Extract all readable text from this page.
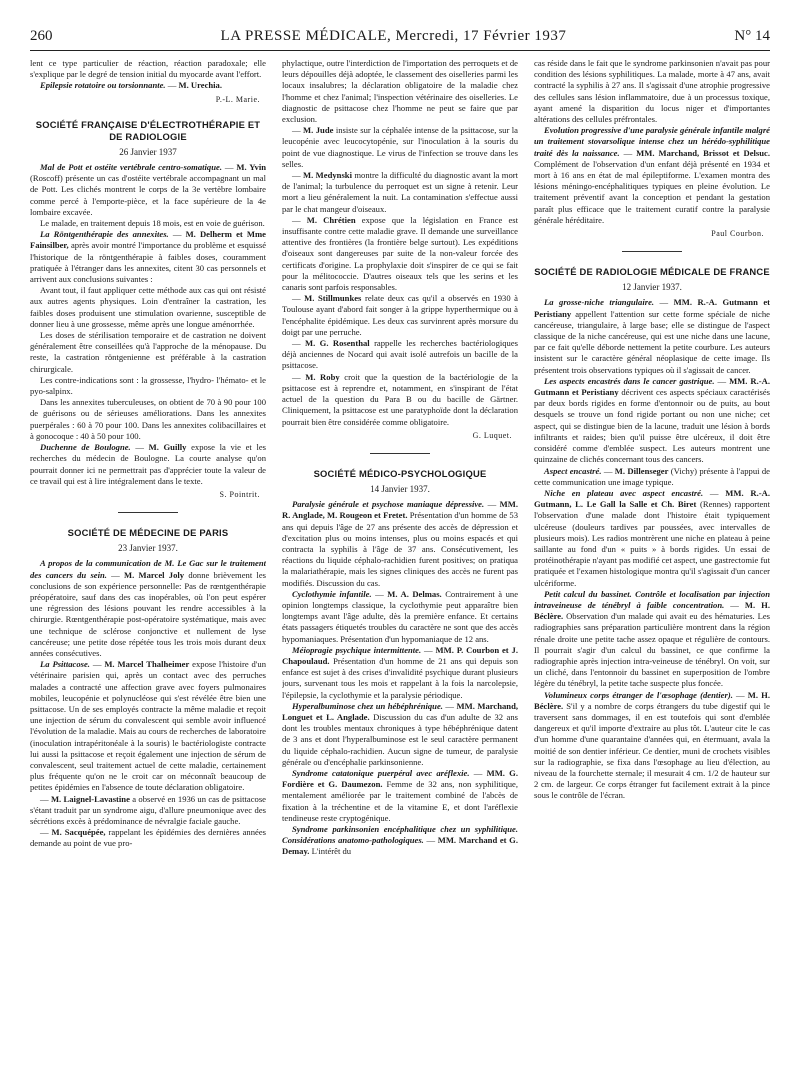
260	LA PRESSE MÉDICALE, Mercredi, 17 Février 1937	N° 14

lent ce type particulier de réaction, réaction paradoxale; elle s'explique par le degré de tension initial du myocarde avant l'effort.

Epilepsie rotatoire ou torsionnante. — M. Urechia.

P.-L. Marie.
SOCIÉTÉ FRANÇAISE D'ÉLECTROTHÉRAPIE ET DE RADIOLOGIE
26 Janvier 1937

Mal de Pott et ostéite vertébrale centro-somatique. — M. Yvin (Roscoff) présente un cas d'ostéite vertébrale accompagnant un mal de Pott. Les clichés montrent le corps de la 3e vertèbre lombaire comme percé à l'emporte-pièce, et la face supérieure de la 4e lombaire excavée.

Le malade, en traitement depuis 18 mois, est en voie de guérison.

La Röntgenthérapie des annexites. — M. Delherm et Mme Fainsilber, après avoir montré l'importance du problème et esquissé l'historique de la röntgenthérapie à faibles doses, couramment pratiquée à l'étranger dans les annexites, citent 30 cas personnels et arrivent aux conclusions suivantes :

Avant tout, il faut appliquer cette méthode aux cas qui ont résisté aux autres agents physiques. Loin d'entraîner la castration, les faibles doses produisent une stimulation ovarienne, susceptible de donner lieu à une grossesse, même après une longue aménorrhée.

Les doses de stérilisation temporaire et de castration ne doivent généralement être conseillées qu'à l'approche de la ménopause. Du reste, la castration röntgenienne est préférable à la castration chirurgicale.

Les contre-indications sont : la grossesse, l'hydro- l'hémato- et le pyo-salpinx.

Dans les annexites tuberculeuses, on obtient de 70 à 90 pour 100 de guérisons ou de sérieuses améliorations. Dans les annexites puerpérales : 60 à 70 pour 100. Dans les annexites colibacillaires et à gonocoque : 40 à 50 pour 100.

Duchenne de Boulogne. — M. Guilly expose la vie et les recherches du médecin de Boulogne. La courte analyse qu'on pourrait donner ici ne permettrait pas d'apprécier toute la valeur de ce travail qui est à lire intégralement dans le texte.

S. Pointrit.
SOCIÉTÉ DE MÉDECINE DE PARIS
23 Janvier 1937.

A propos de la communication de M. Le Gac sur le traitement des cancers du sein. — M. Marcel Joly donne brièvement les conclusions de son expérience personnelle: Pas de rœntgenthérapie préopératoire, sauf dans des cas inopérables, où l'on peut espérer une régression des lésions pouvant les rendre accessibles à la chirurgie. Rœntgenthérapie post-opératoire systématique, mais avec une technique de sclérose conjonctive et nullement de lyse cancéreuse; une petite dose répétée tous les trois mois durant deux années consécutives.

La Psittacose. — M. Marcel Thalheimer expose l'histoire d'un vétérinaire parisien qui, après un contact avec des perruches malades a contracté une affection grave avec foyers pulmonaires mobiles, leucopénie et polynucléose qui s'est révélée être bien une psittacose. Un de ses employés contracte la même maladie et reçoit une injection de sérum du convalescent qui semble avoir influencé l'évolution de la maladie. Mais au cours de recherches de laboratoire (inoculation intrapéritonéale à la souris) le bactériologiste contracte lui aussi la psittacose et reçoit également une injection de sérum de convalescent, seul traitement actuel de cette maladie, certainement plus fréquente qu'on ne le croit car on méconnaît beaucoup de petites épidémies en l'absence de toute déclaration obligatoire.

— M. Laignel-Lavastine a observé en 1936 un cas de psittacose s'étant traduit par un syndrome aigu, d'allure pneumonique avec des sécrétions excès à prédominance de névralgie faciale gauche.

— M. Sacquépée, rappelant les épidémies des dernières années demande au point de vue pro-

phylactique, outre l'interdiction de l'importation des perroquets et de leurs dépouilles déjà adoptée, le classement des oiselleries parmi les locaux insalubres; la déclaration obligatoire de la maladie chez l'homme et chez l'animal; l'inspection vétérinaire des oiselleries. Le diagnostic de psittacose chez l'homme ne peut se faire que par exclusion.

— M. Jude insiste sur la céphalée intense de la psittacose, sur la leucopénie avec leucocytopénie, sur l'inoculation à la souris du point de vue diagnostique. Le virus de l'infection se trouve dans les selles.

— M. Medynski montre la difficulté du diagnostic avant la mort de l'animal; la turbulence du perroquet est un signe à retenir. Leur mort a lieu généralement la nuit. La contamination s'effectue aussi par le chat mangeur d'oiseaux.

— M. Chrétien expose que la législation en France est insuffisante contre cette maladie grave. Il demande une surveillance attentive des frontières (la frontière belge surtout). Les expéditions d'oiseaux sont dangereuses par suite de la non-valeur forcée des certificats d'origine. La prophylaxie doit s'inspirer de ce qui se fait pour la mélitococcie. D'autres oiseaux tels que les serins et les canaris sont parfois responsables.

— M. Stillmunkes relate deux cas qu'il a observés en 1930 à Toulouse ayant d'abord fait songer à la grippe hyperthermique ou à l'encéphalite épidémique. Les deux cas survinrent après morsure du doigt par une perruche.

— M. G. Rosenthal rappelle les recherches bactériologiques déjà anciennes de Nocard qui avait isolé autrefois un bacille de la psittacose.

— M. Roby croit que la question de la bactériologie de la psittacose est à reprendre et, notamment, en s'inspirant de l'état actuel de la question du Para B ou du bacille de Gärtner. Cliniquement, la psittacose est une paratyphoïde dont la déclaration pourrait bien être considérée comme obligatoire.

G. Luquet.
SOCIÉTÉ MÉDICO-PSYCHOLOGIQUE
14 Janvier 1937.

Paralysie générale et psychose maniaque dépressive. — MM. R. Anglade, M. Rougeon et Fretet. Présentation d'un homme de 53 ans qui depuis l'âge de 27 ans présente des accès de dépression et d'excitation plus ou moins intenses, plus ou moins espacés et qui contracta la syphilis à l'âge de 37 ans. Consécutivement, les réactions du liquide céphalo-rachidien furent positives; on pratiqua la malariathérapie, mais les signes cliniques des accès ne furent pas modifiés. Discussion du cas.

Cyclothymie infantile. — M. A. Delmas. Contrairement à une opinion longtemps classique, la cyclothymie peut apparaître bien longtemps avant l'âge adulte, dès la première enfance. Et certains états passagers étiquetés troubles du caractère ne sont que des accès hypomaniaques. Présentation d'un hypomaniaque de 12 ans.

Méiopragie psychique intermittente. — MM. P. Courbon et J. Chapoulaud. Présentation d'un homme de 21 ans qui depuis son enfance est sujet à des crises d'invalidité psychique durant plusieurs jours, survenant tous les mois et rappelant à la fois la narcolepsie, l'épilepsie, la cyclothymie et la paralysie périodique.

Hyperalbuminose chez un hébéphrénique. — MM. Marchand, Longuet et L. Anglade. Discussion du cas d'un adulte de 32 ans dont les troubles mentaux chroniques à type hébéphrénique datent de 3 ans et dont l'hyperalbuminose est le seul caractère permanent du liquide céphalo-rachidien. Aucun signe de tumeur, de paralysie générale ou d'encéphalie parkinsonienne.

Syndrome catatonique puerpéral avec aréflexie. — MM. G. Fordière et G. Daumezon. Femme de 32 ans, non syphilitique, mentalement améliorée par le traitement combiné de l'abcès de fixation à la tréchentine et de la vitamine E, et dont l'aréflexie tendineuse reste cryptogénique.

Syndrome parkinsonien encéphalitique chez un syphilitique. Considérations anatomo-pathologiques. — MM. Marchand et G. Demay. L'intérêt du

cas réside dans le fait que le syndrome parkinsonien n'avait pas pour condition des lésions syphilitiques. La malade, morte à 47 ans, avait contracté la syphilis à 27 ans. Il s'agissait d'une atrophie progressive des cellules sans lésion inflammatoire, due à un processus toxique, ayant amené la disparition du locus niger et d'importantes altérations des cellules préfrontales.

Evolution progressive d'une paralysie générale infantile malgré un traitement stovarsolique intense chez un hérédo-syphilitique traité dès la naissance. — MM. Marchand, Brissot et Delsuc. Complément de l'observation d'un enfant déjà présenté en 1934 et mort à 16 ans en état de mal épileptiforme. L'examen montra des lésions méningo-encéphalitiques typiques en pleine évolution. Le traitement préventif avant la conception et pendant la gestation paraît plus efficace que le traitement curatif contre la paralysie générale héréditaire.

Paul Courbon.
SOCIÉTÉ DE RADIOLOGIE MÉDICALE DE FRANCE
12 Janvier 1937.

La grosse-niche triangulaire. — MM. R.-A. Gutmann et Peristiany appellent l'attention sur cette forme spéciale de niche cancéreuse, triangulaire, à large base; elle se distingue de l'aspect classique de la niche cancéreuse, qui est une niche dans une lacune, par ce fait qu'elle déborde nettement la petite courbure. Les auteurs insistent sur le caractère général néoplasique de cette image. Ils présentent trois observations typiques où il s'agissait de cancer.

Les aspects encastrés dans le cancer gastrique. — MM. R.-A. Gutmann et Peristiany décrivent ces aspects spéciaux caractérisés par deux bords rigides en forme d'entonnoir ou de puits, au bout desquels se trouve un fond rigide portant ou non une niche; cet aspect, qui se distingue bien de la lacune, traduit une lésion à bords infiltrants et raides; bien qu'il puisse être ulcéreux, il doit être considéré comme d'emblée suspect. Les auteurs montrent une quinzaine de clichés concernant tous des cancers.

Aspect encastré. — M. Dillenseger (Vichy) présente à l'appui de cette communication une image typique.

Niche en plateau avec aspect encastré. — MM. R.-A. Gutmann, L. Le Gall la Salle et Ch. Biret (Rennes) rapportent l'observation d'une malade dont l'histoire était typiquement ulcéreuse (douleurs tardives par poussées, avec intervalles de plusieurs mois). Les radios montrèrent une niche en plateau à peine saillante au fond d'un « puits » à bords rigides. Un essai de protéinothérapie n'ayant pas modifié cet aspect, une gastrectomie fut pratiquée et l'examen histologique montra qu'il s'agissait d'un cancer ulcériforme.

Petit calcul du bassinet. Contrôle et localisation par injection intraveineuse de ténébryl à faible concentration. — M. H. Béclère. Observation d'un malade qui avait eu des hématuries. Les radiographies sans préparation particulière montrent dans la région rénale droite une petite tache assez opaque et régulière de contours. Il pourrait s'agir d'un calcul du bassinet, ce que confirme la radiographie après injection intra-veineuse de ténébryl. On voit, sur un cliché, dans l'entonnoir du bassinet en superposition de l'ombre légère du ténébryl, la petite tache suspecte plus foncée.

Volumineux corps étranger de l'œsophage (dentier). — M. H. Béclère. S'il y a nombre de corps étrangers du tube digestif qui le traversent sans dommages, il en est toutefois qui sont d'emblée dangereux et qu'il importe d'extraire au plus tôt. L'auteur cite le cas d'un homme d'une quarantaine d'années qui, en étermuant, avala la moitié de son dentier inférieur. Ce dentier, muni de crochets visibles sur la radiographie, se fixa dans l'œsophage au lieu d'élection, au niveau de la fourchette sternale; il mesurait 4 cm. 1/2 de hauteur sur 2 cm. de largeur. Ce corps étranger fut facilement extrait à la pince sous le contrôle de l'écran.
